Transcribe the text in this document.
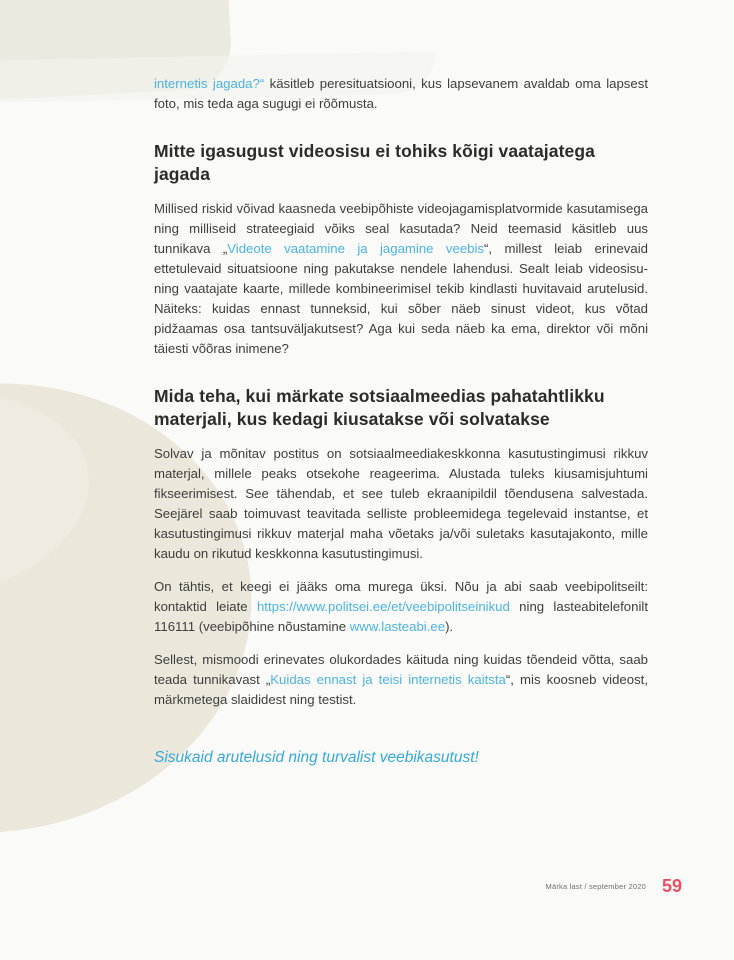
internetis jagada?“ käsitleb peresituatsiooni, kus lapsevanem avaldab oma lapsest foto, mis teda aga sugugi ei rõõmusta.

Mitte igasugust videosisu ei tohiks kõigi vaatajatega jagada

Millised riskid võivad kaasneda veebipõhiste videojagamisplatvormide kasutamisega ning milliseid strateegiaid võiks seal kasutada? Neid teemasid käsitleb uus tunnikava „Videote vaatamine ja jagamine veebis“, millest leiab erinevaid ettetulevaid situatsioone ning pakutakse nendele lahendusi. Sealt leiab videosisu- ning vaatajate kaarte, millede kombineerimisel tekib kindlasti huvitavaid arutelusid. Näiteks: kuidas ennast tunneksid, kui sõber näeb sinust videot, kus võtad pidžaamas osa tantsuväljakutsest? Aga kui seda näeb ka ema, direktor või mõni täiesti võõras inimene?

Mida teha, kui märkate sotsiaalmeedias pahatahtlikku materjali, kus kedagi kiusatakse või solvatakse

Solvav ja mõnitav postitus on sotsiaalmeediakeskkonna kasutustingimusi rikkuv materjal, millele peaks otsekohe reageerima. Alustada tuleks kiusamisjuhtumi fikseerimisest. See tähendab, et see tuleb ekraanipildil tõendusena salvestada. Seejärel saab toimuvast teavitada selliste probleemidega tegelevaid instantse, et kasutustingimusi rikkuv materjal maha võetaks ja/või suletaks kasutajakonto, mille kaudu on rikutud keskkonna kasutustingimusi.

On tähtis, et keegi ei jääks oma murega üksi. Nõu ja abi saab veebipolitseilt: kontaktid leiate https://www.politsei.ee/et/veebipolitseinikud ning lasteabitelefonilt 116111 (veebipõhine nõustamine www.lasteabi.ee).

Sellest, mismoodi erinevates olukordades käituda ning kuidas tõendeid võtta, saab teada tunnikavast „Kuidas ennast ja teisi internetis kaitsta“, mis koosneb videost, märkmetega slaididest ning testist.

Sisukaid arutelusid ning turvalist veebikasutust!

Märka last / september 2020 59
